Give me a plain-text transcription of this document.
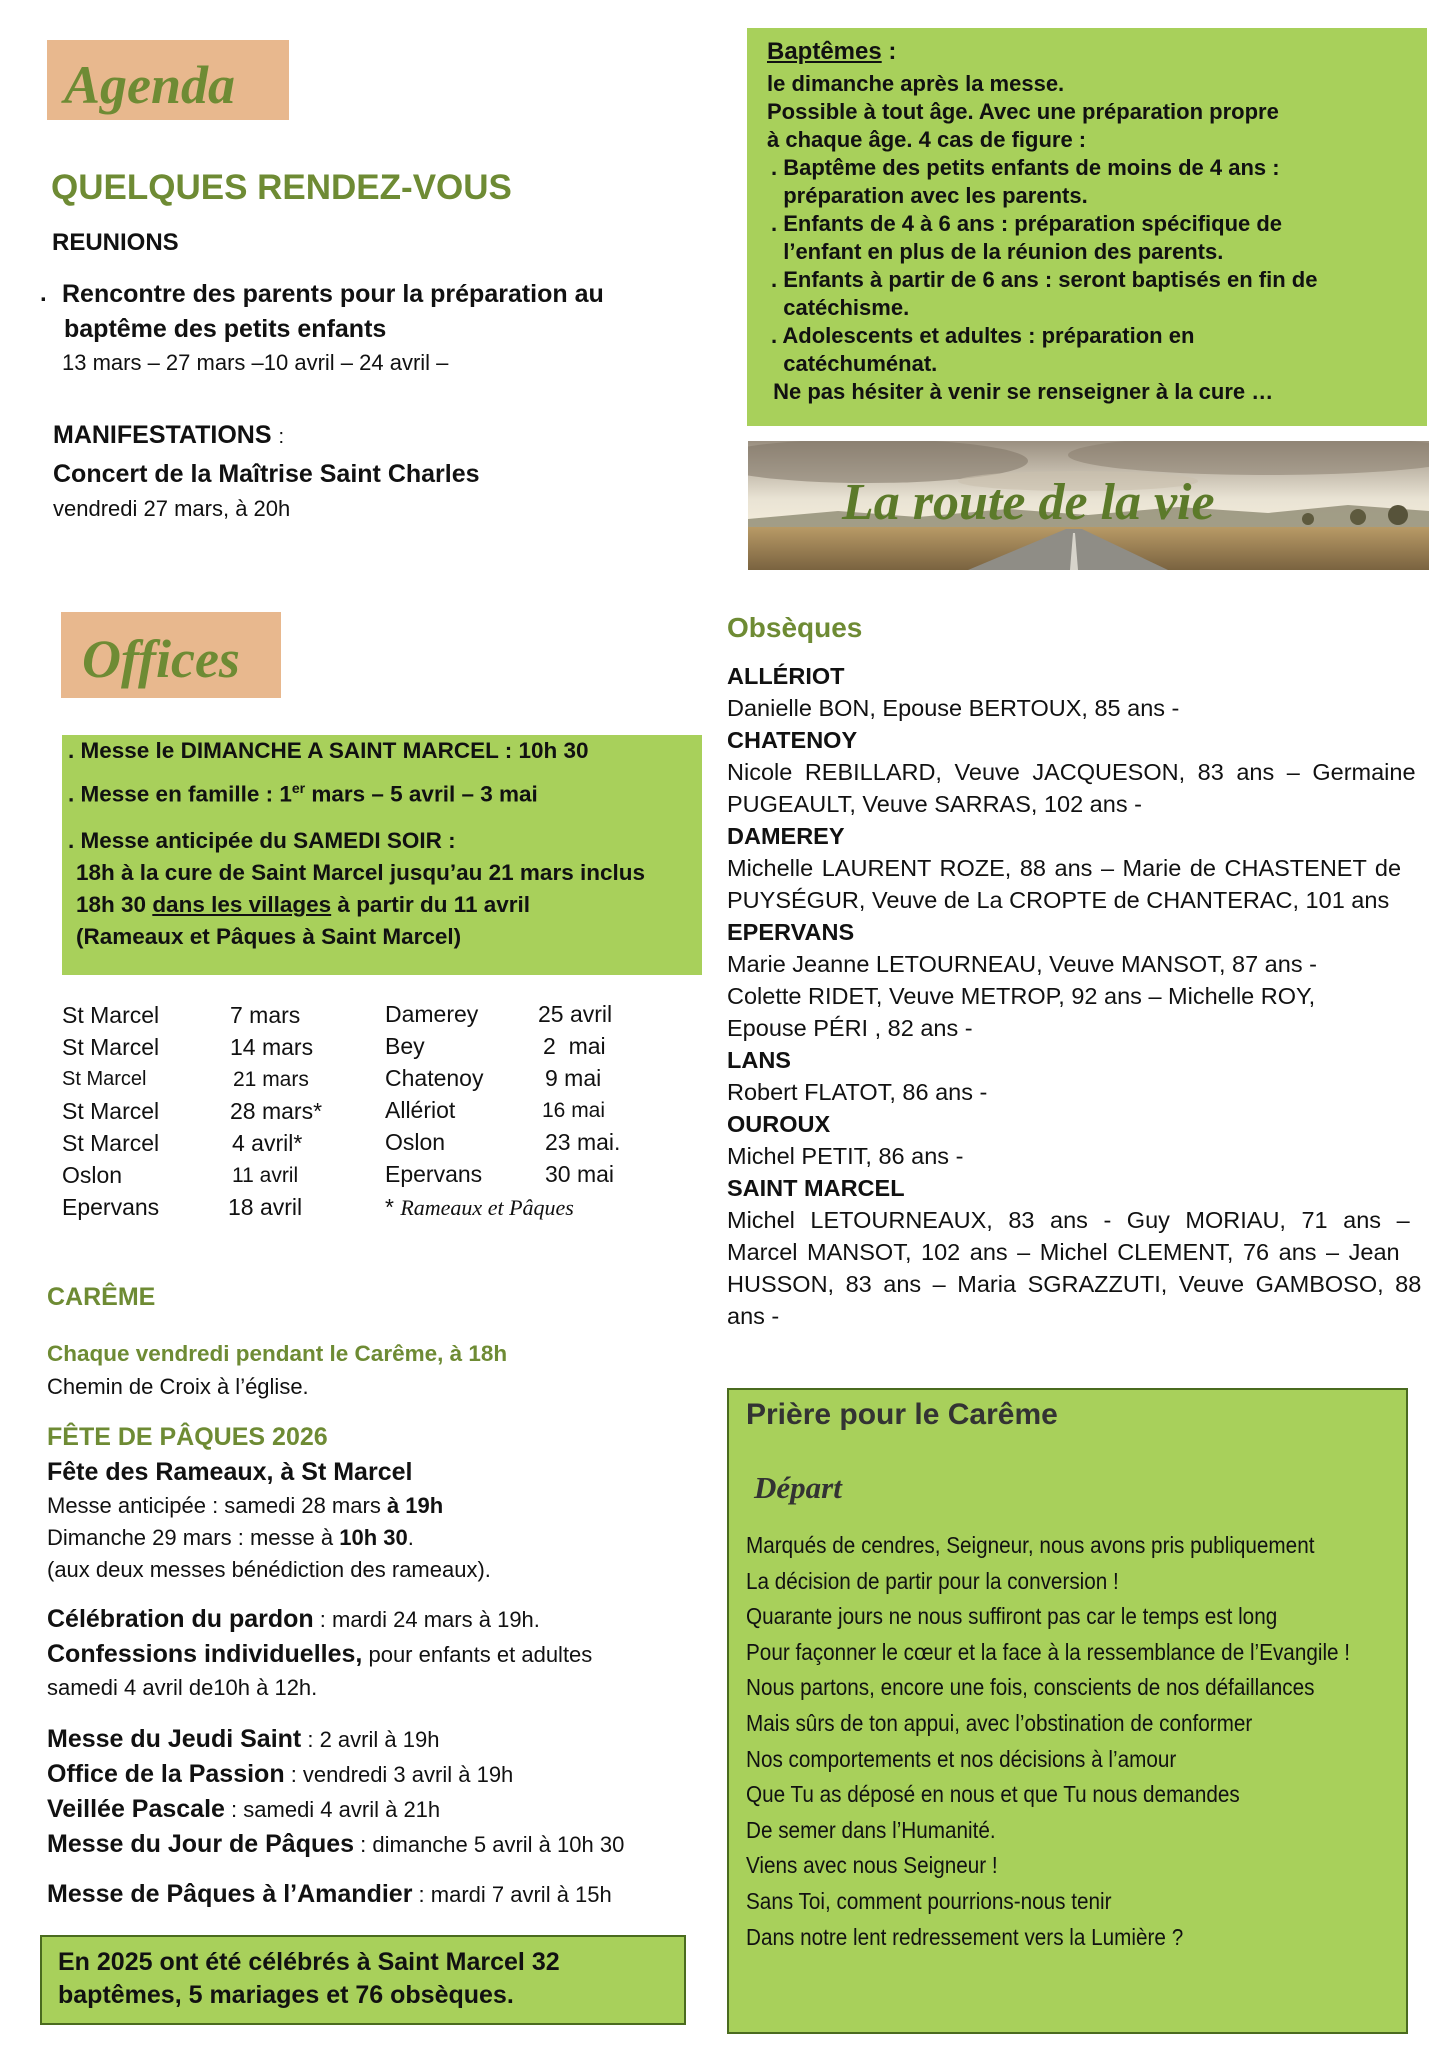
Agenda
QUELQUES RENDEZ-VOUS
REUNIONS
. Rencontre des parents pour la préparation au
baptême des petits enfants
13 mars – 27 mars –10 avril – 24 avril –
MANIFESTATIONS :
Concert de la Maîtrise Saint Charles
vendredi 27 mars, à 20h
Offices
. Messe le DIMANCHE A SAINT MARCEL : 10h 30
. Messe en famille : 1er mars – 5 avril – 3 mai
. Messe anticipée du SAMEDI SOIR :
18h à la cure de Saint Marcel jusqu’au 21 mars inclus
18h 30 dans les villages à partir du 11 avril
(Rameaux et Pâques à Saint Marcel)
St Marcel	7 mars
St Marcel	14 mars
St Marcel	21 mars
St Marcel	28 mars*
St Marcel	4 avril*
Oslon	11 avril
Epervans	18 avril
Damerey	25 avril
Bey	2  mai
Chatenoy	9 mai
Allériot	16 mai
Oslon	23 mai.
Epervans	30 mai
* Rameaux et Pâques
CARÊME
Chaque vendredi pendant le Carême, à 18h
Chemin de Croix à l’église.
FÊTE DE PÂQUES 2026
Fête des Rameaux, à St Marcel
Messe anticipée : samedi 28 mars à 19h
Dimanche 29 mars : messe à 10h 30.
(aux deux messes bénédiction des rameaux).
Célébration du pardon : mardi 24 mars à 19h.
Confessions individuelles, pour enfants et adultes
samedi 4 avril de10h à 12h.
Messe du Jeudi Saint : 2 avril à 19h
Office de la Passion : vendredi 3 avril à 19h
Veillée Pascale : samedi 4 avril à 21h
Messe du Jour de Pâques : dimanche 5 avril à 10h 30
Messe de Pâques à l’Amandier : mardi 7 avril à 15h
En 2025 ont été célébrés à Saint Marcel 32
baptêmes, 5 mariages et 76 obsèques.
Baptêmes :
le dimanche après la messe.
Possible à tout âge. Avec une préparation propre
à chaque âge. 4 cas de figure :
. Baptême des petits enfants de moins de 4 ans :
préparation avec les parents.
. Enfants de 4 à 6 ans : préparation spécifique de
l’enfant en plus de la réunion des parents.
. Enfants à partir de 6 ans : seront baptisés en fin de
catéchisme.
. Adolescents et adultes : préparation en
catéchuménat.
Ne pas hésiter à venir se renseigner à la cure …
La route de la vie
Obsèques
ALLÉRIOT
Danielle BON, Epouse BERTOUX, 85 ans -
CHATENOY
Nicole REBILLARD, Veuve JACQUESON, 83 ans – Germaine
PUGEAULT, Veuve SARRAS, 102 ans -
DAMEREY
Michelle LAURENT ROZE, 88 ans – Marie de CHASTENET de
PUYSÉGUR, Veuve de La CROPTE de CHANTERAC, 101 ans
EPERVANS
Marie Jeanne LETOURNEAU, Veuve MANSOT, 87 ans -
Colette RIDET, Veuve METROP, 92 ans – Michelle ROY,
Epouse PÉRI , 82 ans -
LANS
Robert FLATOT, 86 ans -
OUROUX
Michel PETIT, 86 ans -
SAINT MARCEL
Michel LETOURNEAUX, 83 ans - Guy MORIAU, 71 ans –
Marcel MANSOT, 102 ans – Michel CLEMENT, 76 ans – Jean
HUSSON, 83 ans – Maria SGRAZZUTI, Veuve GAMBOSO, 88
ans -
Prière pour le Carême
Départ
Marqués de cendres, Seigneur, nous avons pris publiquement
La décision de partir pour la conversion !
Quarante jours ne nous suffiront pas car le temps est long
Pour façonner le cœur et la face à la ressemblance de l’Evangile !
Nous partons, encore une fois, conscients de nos défaillances
Mais sûrs de ton appui, avec l’obstination de conformer
Nos comportements et nos décisions à l’amour
Que Tu as déposé en nous et que Tu nous demandes
De semer dans l’Humanité.
Viens avec nous Seigneur !
Sans Toi, comment pourrions-nous tenir
Dans notre lent redressement vers la Lumière ?
